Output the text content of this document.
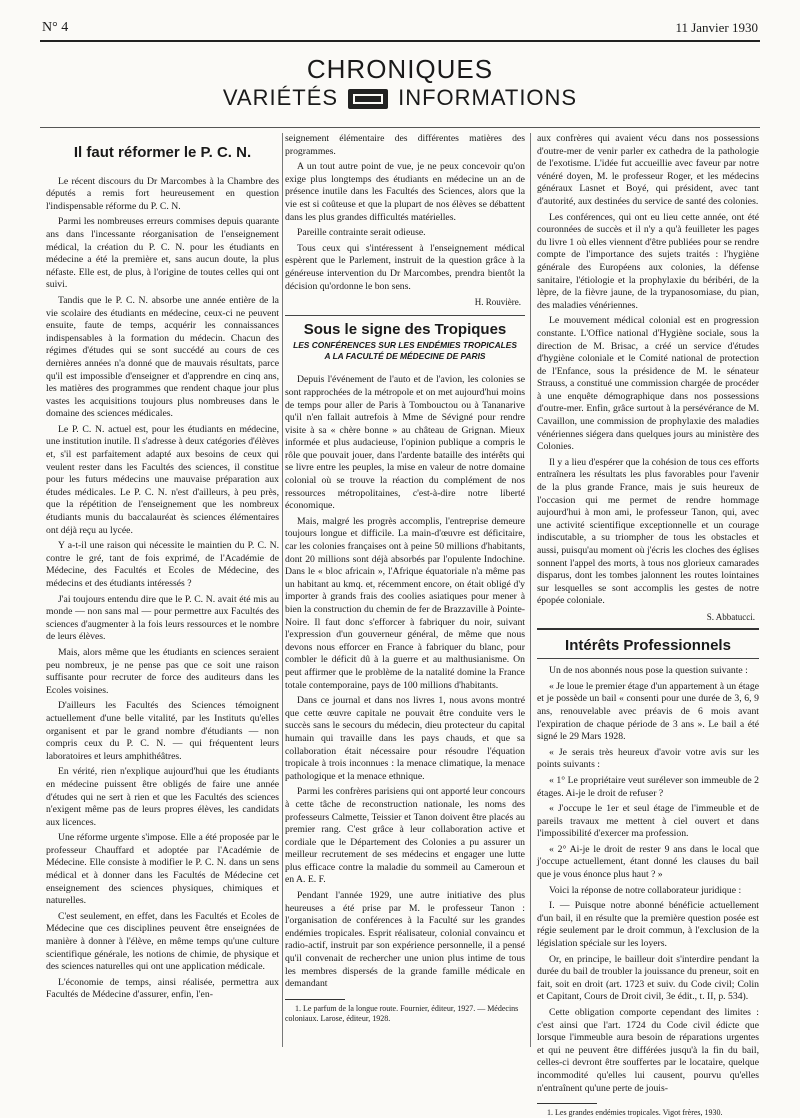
N° 4	11 Janvier 1930
CHRONIQUES
VARIÉTÉS	INFORMATIONS
Il faut réformer le P. C. N.

Le récent discours du Dr Marcombes à la Chambre des députés a remis fort heureusement en question l'indispensable réforme du P. C. N.

Parmi les nombreuses erreurs commises depuis quarante ans dans l'incessante réorganisation de l'enseignement médical, la création du P. C. N. pour les étudiants en médecine a été la première et, sans aucun doute, la plus néfaste. Elle est, de plus, à l'origine de toutes celles qui ont suivi.

Tandis que le P. C. N. absorbe une année entière de la vie scolaire des étudiants en médecine, ceux-ci ne peuvent ensuite, faute de temps, acquérir les connaissances indispensables à la formation du médecin. Chacun des régimes d'études qui se sont succédé au cours de ces dernières années n'a donné que de mauvais résultats, parce qu'il est impossible d'enseigner et d'apprendre en cinq ans, les matières des programmes que rendent chaque jour plus vastes les acquisitions toujours plus nombreuses dans le domaine des sciences médicales.

Le P. C. N. actuel est, pour les étudiants en médecine, une institution inutile. Il s'adresse à deux catégories d'élèves et, s'il est parfaitement adapté aux besoins de ceux qui veulent rester dans les Facultés des sciences, il constitue pour les futurs médecins une mauvaise préparation aux études médicales. Le P. C. N. n'est d'ailleurs, à peu près, que la répétition de l'enseignement que les nombreux étudiants munis du baccalauréat ès sciences élémentaires ont déjà reçu au lycée.

Y a-t-il une raison qui nécessite le maintien du P. C. N. contre le gré, tant de fois exprimé, de l'Académie de Médecine, des Facultés et Ecoles de Médecine, des médecins et des étudiants intéressés ?

J'ai toujours entendu dire que le P. C. N. avait été mis au monde — non sans mal — pour permettre aux Facultés des sciences d'augmenter à la fois leurs ressources et le nombre de leurs élèves.

Mais, alors même que les étudiants en sciences seraient peu nombreux, je ne pense pas que ce soit une raison suffisante pour recruter de force des auditeurs dans les Ecoles voisines.

D'ailleurs les Facultés des Sciences témoignent actuellement d'une belle vitalité, par les Instituts qu'elles organisent et par le grand nombre d'étudiants — non compris ceux du P. C. N. — qui fréquentent leurs laboratoires et leurs amphithéâtres.

En vérité, rien n'explique aujourd'hui que les étudiants en médecine puissent être obligés de faire une année d'études qui ne sert à rien et que les Facultés des sciences n'exigent même pas de leurs propres élèves, les candidats aux licences.

Une réforme urgente s'impose. Elle a été proposée par le professeur Chauffard et adoptée par l'Académie de Médecine. Elle consiste à modifier le P. C. N. dans un sens médical et à donner dans les Facultés de Médecine cet enseignement des sciences physiques, chimiques et naturelles.

C'est seulement, en effet, dans les Facultés et Ecoles de Médecine que ces disciplines peuvent être enseignées de manière à donner à l'élève, en même temps qu'une culture scientifique générale, les notions de chimie, de physique et des sciences naturelles qui ont une application médicale.

L'économie de temps, ainsi réalisée, permettra aux Facultés de Médecine d'assurer, enfin, l'en-

seignement élémentaire des différentes matières des programmes.

A un tout autre point de vue, je ne peux concevoir qu'on exige plus longtemps des étudiants en médecine un an de présence inutile dans les Facultés des Sciences, alors que la vie est si coûteuse et que la plupart de nos élèves se débattent dans les plus grandes difficultés matérielles.

Pareille contrainte serait odieuse.

Tous ceux qui s'intéressent à l'enseignement médical espèrent que le Parlement, instruit de la question grâce à la généreuse intervention du Dr Marcombes, prendra bientôt la décision qu'ordonne le bon sens.

H. Rouvière.
Sous le signe des Tropiques
LES CONFÉRENCES SUR LES ENDÉMIES TROPICALES
A LA FACULTÉ DE MÉDECINE DE PARIS

Depuis l'événement de l'auto et de l'avion, les colonies se sont rapprochées de la métropole et on met aujourd'hui moins de temps pour aller de Paris à Tombouctou ou à Tananarive qu'il n'en fallait autrefois à Mme de Sévigné pour rendre visite à sa « chère bonne » au château de Grignan. Mieux informée et plus audacieuse, l'opinion publique a compris le rôle que pouvait jouer, dans l'ardente bataille des intérêts qui se livre entre les peuples, la mise en valeur de notre domaine colonial où se trouve la réaction du complément de nos ressources métropolitaines, c'est-à-dire notre liberté économique.

Mais, malgré les progrès accomplis, l'entreprise demeure toujours longue et difficile. La main-d'œuvre est déficitaire, car les colonies françaises ont à peine 50 millions d'habitants, dont 20 millions sont déjà absorbés par l'opulente Indochine. Dans le « bloc africain », l'Afrique équatoriale n'a même pas un habitant au kmq. et, récemment encore, on était obligé d'y importer à grands frais des coolies asiatiques pour mener à bien la construction du chemin de fer de Brazzaville à Pointe-Noire. Il faut donc s'efforcer à fabriquer du noir, suivant l'expression d'un gouverneur général, de même que nous devons nous efforcer en France à fabriquer du blanc, pour combler le déficit dû à la guerre et au malthusianisme. On peut affirmer que le problème de la natalité domine la France totale contemporaine, pays de 100 millions d'habitants.

Dans ce journal et dans nos livres 1, nous avons montré que cette œuvre capitale ne pouvait être conduite vers le succès sans le secours du médecin, dieu protecteur du capital humain qui travaille dans les pays chauds, et que sa collaboration était nécessaire pour résoudre l'équation tropicale à trois inconnues : la menace climatique, la menace pathologique et la menace ethnique.

Parmi les confrères parisiens qui ont apporté leur concours à cette tâche de reconstruction nationale, les noms des professeurs Calmette, Teissier et Tanon doivent être placés au premier rang. C'est grâce à leur collaboration active et cordiale que le Département des Colonies a pu assurer un meilleur recrutement de ses médecins et engager une lutte plus efficace contre la maladie du sommeil au Cameroun et en A. E. F.

Pendant l'année 1929, une autre initiative des plus heureuses a été prise par M. le professeur Tanon : l'organisation de conférences à la Faculté sur les grandes endémies tropicales. Esprit réalisateur, colonial convaincu et radio-actif, instruit par son expérience personnelle, il a pensé qu'il convenait de rechercher une union plus intime de tous les membres dispersés de la grande famille médicale en demandant

1. Le parfum de la longue route. Fournier, éditeur, 1927. — Médecins coloniaux. Larose, éditeur, 1928.

aux confrères qui avaient vécu dans nos possessions d'outre-mer de venir parler ex cathedra de la pathologie de l'exotisme. L'idée fut accueillie avec faveur par notre vénéré doyen, M. le professeur Roger, et les médecins généraux Lasnet et Boyé, qui président, avec tant d'autorité, aux destinées du service de santé des colonies.

Les conférences, qui ont eu lieu cette année, ont été couronnées de succès et il n'y a qu'à feuilleter les pages du livre 1 où elles viennent d'être publiées pour se rendre compte de l'importance des sujets traités : l'hygiène générale des Européens aux colonies, la défense sanitaire, l'étiologie et la prophylaxie du béribéri, de la lèpre, de la fièvre jaune, de la trypanosomiase, du pian, des maladies vénériennes.

Le mouvement médical colonial est en progression constante. L'Office national d'Hygiène sociale, sous la direction de M. Brisac, a créé un service d'études d'hygiène coloniale et le Comité national de protection de l'Enfance, sous la présidence de M. le sénateur Strauss, a constitué une commission chargée de procéder à une enquête démographique dans nos possessions d'outre-mer. Enfin, grâce surtout à la persévérance de M. Cavaillon, une commission de prophylaxie des maladies vénériennes siégera dans quelques jours au ministère des Colonies.

Il y a lieu d'espérer que la cohésion de tous ces efforts entraînera les résultats les plus favorables pour l'avenir de la plus grande France, mais je suis heureux de l'occasion qui me permet de rendre hommage aujourd'hui à mon ami, le professeur Tanon, qui, avec une activité scientifique exceptionnelle et un courage indiscutable, a su triompher de tous les obstacles et aussi, puisqu'au moment où j'écris les cloches des églises sonnent l'appel des morts, à tous nos glorieux camarades disparus, dont les tombes jalonnent les routes lointaines sur lesquelles se sont accomplis les gestes de notre épopée coloniale.

S. Abbatucci.
Intérêts Professionnels

Un de nos abonnés nous pose la question suivante :

« Je loue le premier étage d'un appartement à un étage et je possède un bail « consenti pour une durée de 3, 6, 9 ans, renouvelable avec préavis de 6 mois avant l'expiration de chaque période de 3 ans ». Le bail a été signé le 29 Mars 1928.

« Je serais très heureux d'avoir votre avis sur les points suivants :

« 1° Le propriétaire veut surélever son immeuble de 2 étages. Ai-je le droit de refuser ?

« J'occupe le 1er et seul étage de l'immeuble et de pareils travaux me mettent à ciel ouvert et dans l'impossibilité d'exercer ma profession.

« 2° Ai-je le droit de rester 9 ans dans le local que j'occupe actuellement, étant donné les clauses du bail que je vous énonce plus haut ? »

Voici la réponse de notre collaborateur juridique :

I. — Puisque notre abonné bénéficie actuellement d'un bail, il en résulte que la première question posée est régie seulement par le droit commun, à l'exclusion de la législation spéciale sur les loyers.

Or, en principe, le bailleur doit s'interdire pendant la durée du bail de troubler la jouissance du preneur, soit en fait, soit en droit (art. 1723 et suiv. du Code civil; Colin et Capitant, Cours de Droit civil, 3e édit., t. II, p. 534).

Cette obligation comporte cependant des limites : c'est ainsi que l'art. 1724 du Code civil édicte que lorsque l'immeuble aura besoin de réparations urgentes et qui ne peuvent être différées jusqu'à la fin du bail, celles-ci devront être souffertes par le locataire, quelque incommodité qu'elles lui causent, pourvu qu'elles n'entraînent qu'une perte de jouis-

1. Les grandes endémies tropicales. Vigot frères, 1930.
